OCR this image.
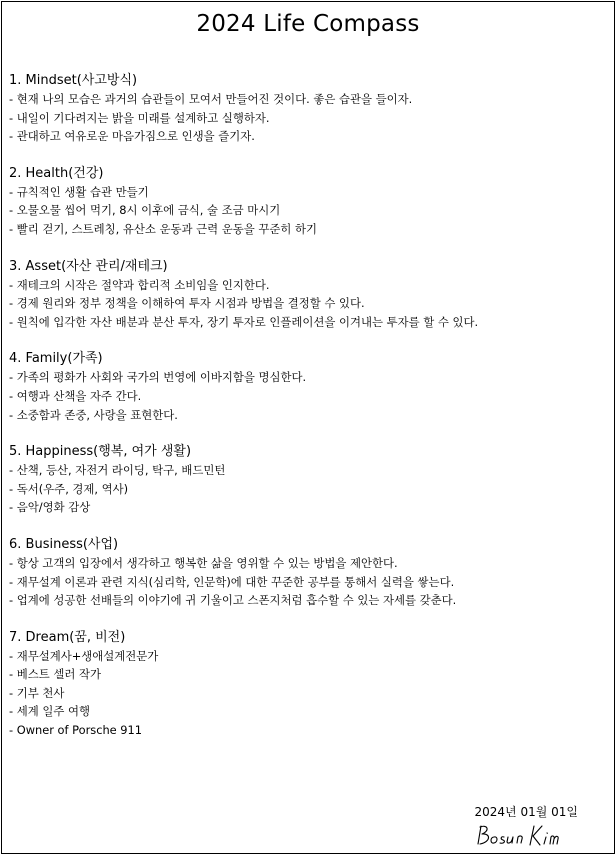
2024 Life Compass
1. Mindset(사고방식)
- 현재 나의 모습은 과거의 습관들이 모여서 만들어진 것이다. 좋은 습관을 들이자.
- 내일이 기다려지는 밝을 미래를 설계하고 실행하자.
- 관대하고 여유로운 마음가짐으로 인생을 즐기자.
2. Health(건강)
- 규칙적인 생활 습관 만들기
- 오물오물 씹어 먹기, 8시 이후에 금식, 술 조금 마시기
- 빨리 걷기, 스트레칭, 유산소 운동과 근력 운동을 꾸준히 하기
3. Asset(자산 관리/재테크)
- 재테크의 시작은 절약과 합리적 소비임을 인지한다.
- 경제 원리와 정부 정책을 이해하여 투자 시점과 방법을 결정할 수 있다.
- 원칙에 입각한 자산 배분과 분산 투자, 장기 투자로 인플레이션을 이겨내는 투자를 할 수 있다.
4. Family(가족)
- 가족의 평화가 사회와 국가의 번영에 이바지함을 명심한다.
- 여행과 산책을 자주 간다.
- 소중함과 존중, 사랑을 표현한다.
5. Happiness(행복, 여가 생활)
- 산책, 등산, 자전거 라이딩, 탁구, 배드민턴
- 독서(우주, 경제, 역사)
- 음악/영화 감상
6. Business(사업)
- 항상 고객의 입장에서 생각하고 행복한 삶을 영위할 수 있는 방법을 제안한다.
- 재무설계 이론과 관련 지식(심리학, 인문학)에 대한 꾸준한 공부를 통해서 실력을 쌓는다.
- 업계에 성공한 선배들의 이야기에 귀 기울이고 스폰지처럼 흡수할 수 있는 자세를 갖춘다.
7. Dream(꿈, 비전)
- 재무설계사+생애설계전문가
- 베스트 셀러 작가
- 기부 천사
- 세계 일주 여행
- Owner of Porsche 911
2024년 01월 01일
